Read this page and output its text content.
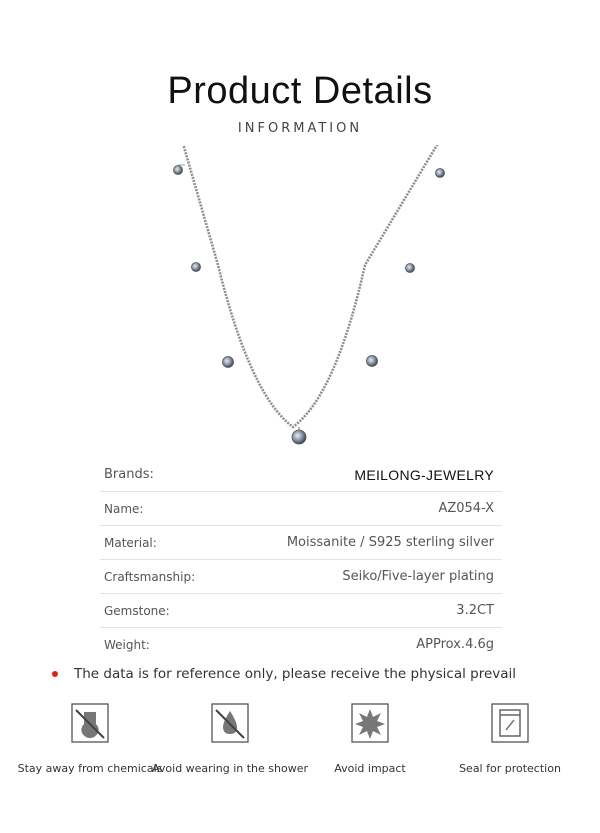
Product Details
INFORMATION
Brands:	MEILONG-JEWELRY
Name:	AZ054-X
Material:	Moissanite / S925 sterling silver
Craftsmanship:	Seiko/Five-layer plating
Gemstone:	3.2CT
Weight:	APProx.4.6g
The data is for reference only, please receive the physical prevail
Stay away from chemicals
Avoid wearing in the shower Avoid impact	Seal for protection
